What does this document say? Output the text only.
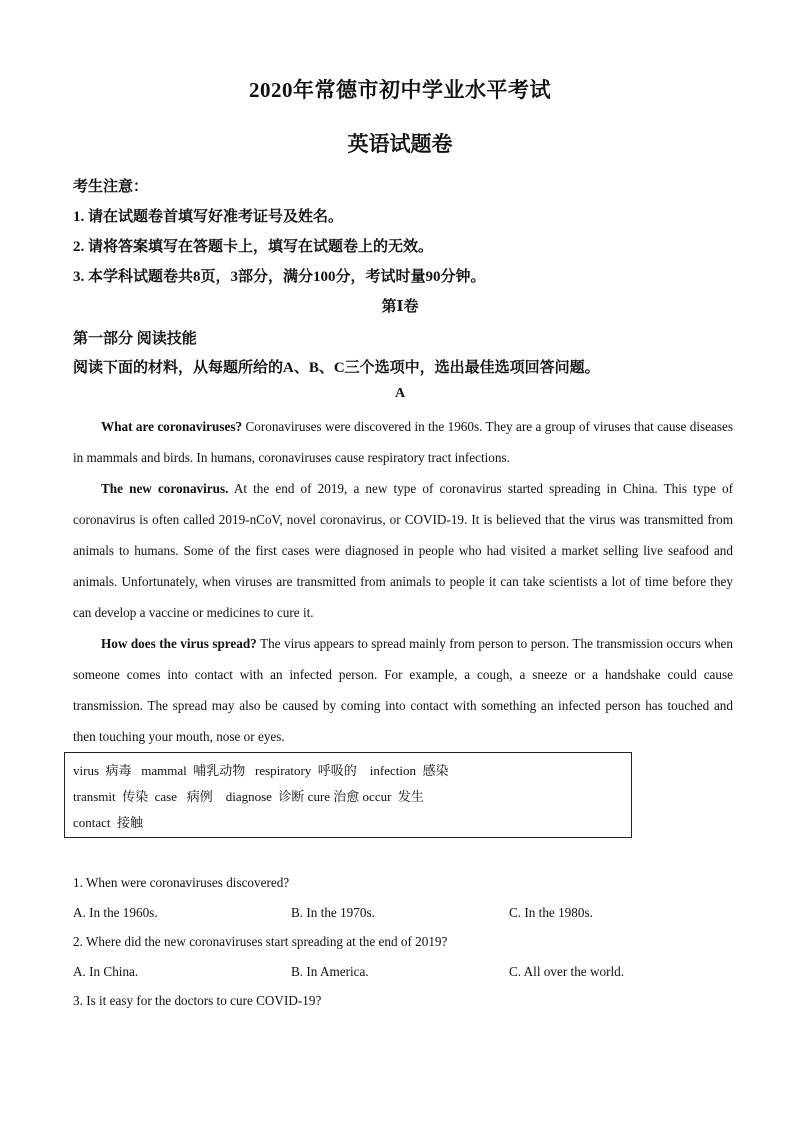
2020年常德市初中学业水平考试
英语试题卷
考生注意：
1. 请在试题卷首填写好准考证号及姓名。
2. 请将答案填写在答题卡上，填写在试题卷上的无效。
3. 本学科试题卷共8页，3部分，满分100分，考试时量90分钟。
第Ⅰ卷
第一部分 阅读技能
阅读下面的材料，从每题所给的A、B、C三个选项中，选出最佳选项回答问题。
A

What are coronaviruses? Coronaviruses were discovered in the 1960s. They are a group of viruses that cause diseases in mammals and birds. In humans, coronaviruses cause respiratory tract infections.

The new coronavirus. At the end of 2019, a new type of coronavirus started spreading in China. This type of coronavirus is often called 2019-nCoV, novel coronavirus, or COVID-19. It is believed that the virus was transmitted from animals to humans. Some of the first cases were diagnosed in people who had visited a market selling live seafood and animals. Unfortunately, when viruses are transmitted from animals to people it can take scientists a lot of time before they can develop a vaccine or medicines to cure it.

How does the virus spread? The virus appears to spread mainly from person to person. The transmission occurs when someone comes into contact with an infected person. For example, a cough, a sneeze or a handshake could cause transmission. The spread may also be caused by coming into contact with something an infected person has touched and then touching your mouth, nose or eyes.

virus  病毒   mammal  哺乳动物   respiratory  呼吸的    infection  感染
transmit  传染  case   病例    diagnose  诊断 cure 治愈 occur  发生
contact  接触
1. When were coronaviruses discovered?
A. In the 1960s.	B. In the 1970s.	C. In the 1980s.
2. Where did the new coronaviruses start spreading at the end of 2019?
A. In China.	B. In America.	C. All over the world.
3. Is it easy for the doctors to cure COVID-19?
